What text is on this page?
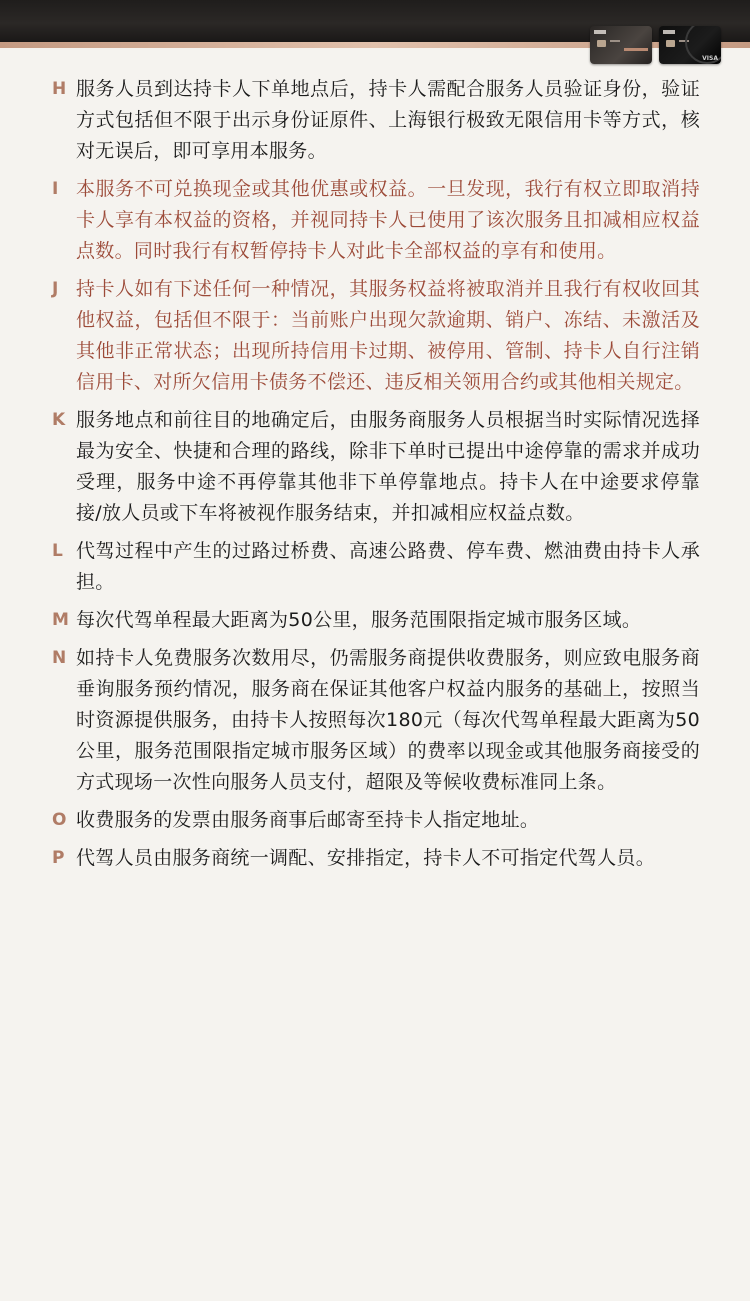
VISA
H 服务人员到达持卡人下单地点后，持卡人需配合服务人员验证身份，验证方式包括但不限于出示身份证原件、上海银行极致无限信用卡等方式，核对无误后，即可享用本服务。
I 本服务不可兑换现金或其他优惠或权益。一旦发现，我行有权立即取消持卡人享有本权益的资格，并视同持卡人已使用了该次服务且扣减相应权益点数。同时我行有权暂停持卡人对此卡全部权益的享有和使用。
J 持卡人如有下述任何一种情况，其服务权益将被取消并且我行有权收回其他权益，包括但不限于：当前账户出现欠款逾期、销户、冻结、未激活及其他非正常状态；出现所持信用卡过期、被停用、管制、持卡人自行注销信用卡、对所欠信用卡债务不偿还、违反相关领用合约或其他相关规定。
K 服务地点和前往目的地确定后，由服务商服务人员根据当时实际情况选择最为安全、快捷和合理的路线，除非下单时已提出中途停靠的需求并成功受理，服务中途不再停靠其他非下单停靠地点。持卡人在中途要求停靠接/放人员或下车将被视作服务结束，并扣减相应权益点数。
L 代驾过程中产生的过路过桥费、高速公路费、停车费、燃油费由持卡人承担。
M 每次代驾单程最大距离为50公里，服务范围限指定城市服务区域。
N 如持卡人免费服务次数用尽，仍需服务商提供收费服务，则应致电服务商垂询服务预约情况，服务商在保证其他客户权益内服务的基础上，按照当时资源提供服务，由持卡人按照每次180元（每次代驾单程最大距离为50公里，服务范围限指定城市服务区域）的费率以现金或其他服务商接受的方式现场一次性向服务人员支付，超限及等候收费标准同上条。
O 收费服务的发票由服务商事后邮寄至持卡人指定地址。
P 代驾人员由服务商统一调配、安排指定，持卡人不可指定代驾人员。
